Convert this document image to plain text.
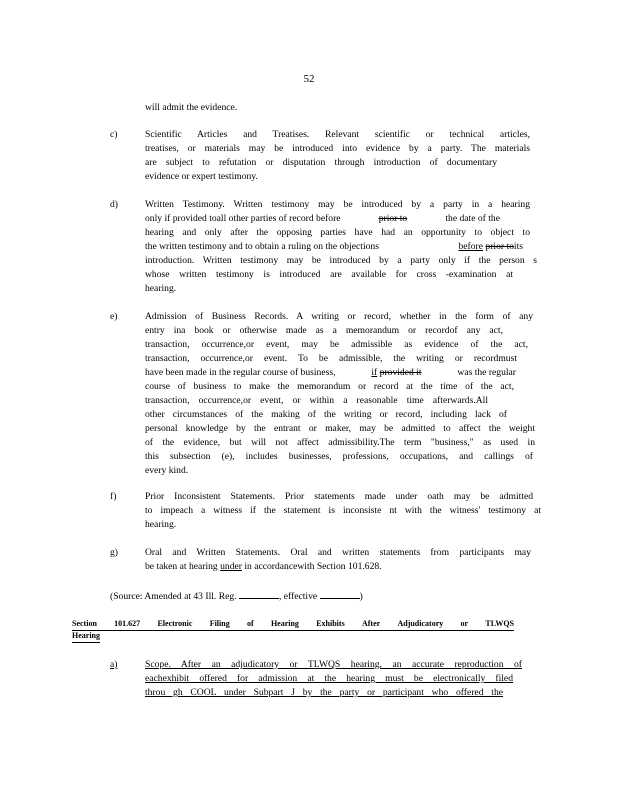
52
will admit the evidence.
c)	Scientific Articles and Treatises. Relevant scientific or technical articles,
treatises, or materials may be introduced into evidence by a party. The materials
are subject to refutation or disputation through introduction of documentary
evidence or expert testimony.
d)	Written Testimony. Written testimony may be introduced by a party in a hearing
only if provided toall other parties of record before	prior to	the date of the
hearing and only after the opposing parties have had an opportunity to object to
the written testimony and to obtain a ruling on the objections	before prior toits
introduction. Written testimony may be introduced by a party only if the person s
whose written testimony is introduced are available for cross -examination at
hearing.
e)	Admission of Business Records. A writing or record, whether in the form of any
entry ina book or otherwise made as a memorandum or recordof any act,
transaction, occurrence,or event, may be admissible as evidence of the act,
transaction, occurrence,or event. To be admissible, the writing or recordmust
have been made in the regular course of business,	if provided it	was the regular
course of business to make the memorandum or record at the time of the act,
transaction, occurrence,or event, or within a reasonable time afterwards.All
other circumstances of the making of the writing or record, including lack of
personal knowledge by the entrant or maker, may be admitted to affect the weight
of the evidence, but will not affect admissibility.The term "business," as used in
this subsection (e), includes businesses, professions, occupations, and callings of
every kind.
f)	Prior Inconsistent Statements. Prior statements made under oath may be admitted
to impeach a witness if the statement is inconsiste nt with the witness' testimony at
hearing.
g)	Oral and Written Statements. Oral and written statements from participants may
be taken at hearing under in accordancewith Section 101.628.
(Source: Amended at 43 Ill. Reg.	, effective	)
Section 101.627 Electronic Filing of Hearing Exhibits After Adjudicatory or TLWQS
Hearing
a)	Scope. After an adjudicatory or TLWQS hearing, an accurate reproduction of
eachexhibit offered for admission at the hearing must be electronically filed
throu gh COOL under Subpart J by the party or participant who offered the
